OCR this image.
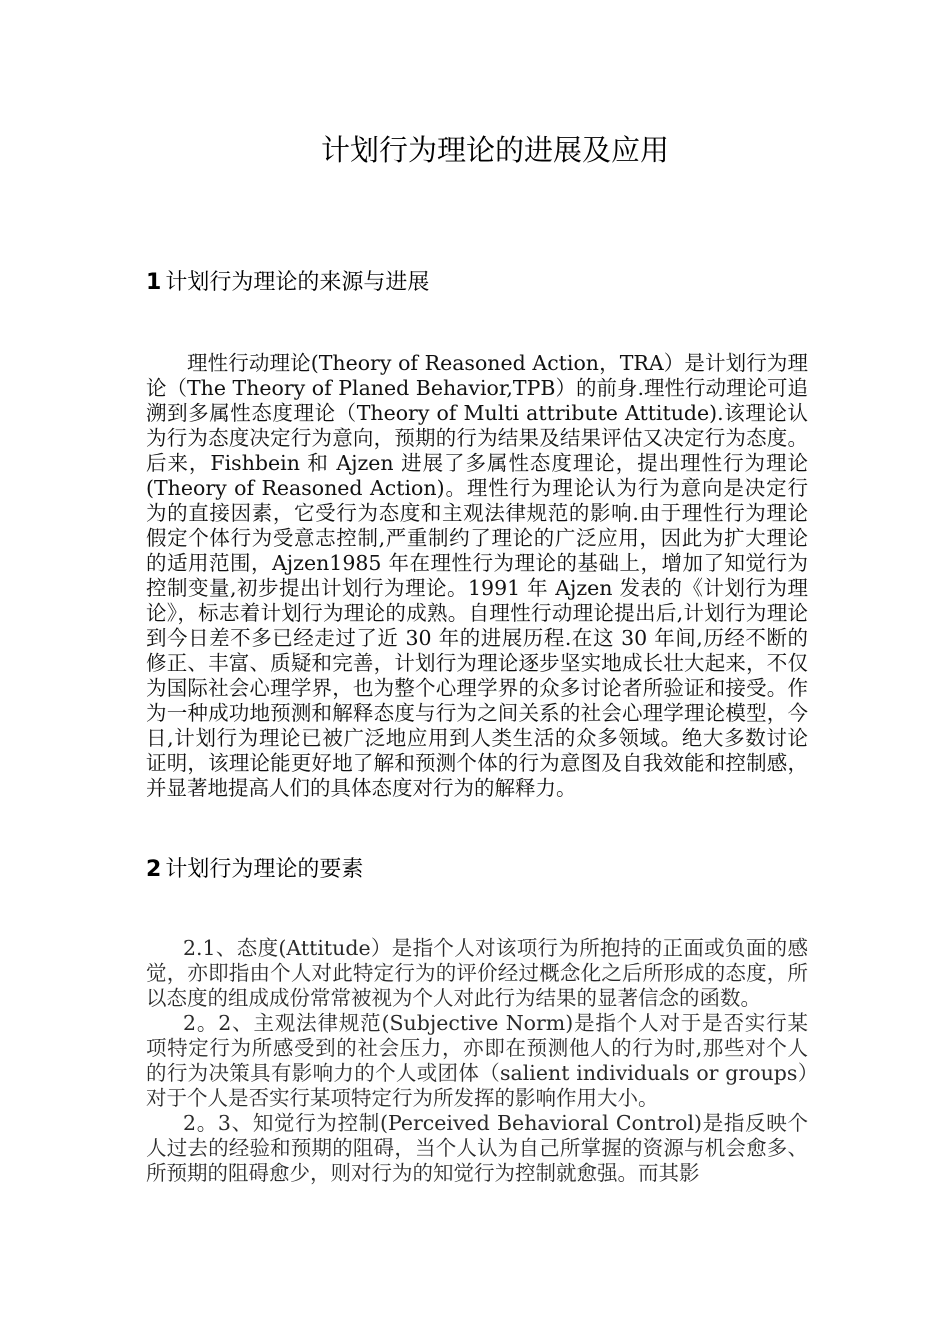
计划行为理论的进展及应用
1 计划行为理论的来源与进展

理性行动理论(Theory of Reasoned Action，TRA）是计划行为理论（The Theory of Planed Behavior,TPB）的前身.理性行动理论可追溯到多属性态度理论（Theory of Multi attribute Attitude).该理论认为行为态度决定行为意向，预期的行为结果及结果评估又决定行为态度。后来，Fishbein 和 Ajzen 进展了多属性态度理论，提出理性行为理论(Theory of Reasoned Action)。理性行为理论认为行为意向是决定行为的直接因素，它受行为态度和主观法律规范的影响.由于理性行为理论假定个体行为受意志控制,严重制约了理论的广泛应用，因此为扩大理论的适用范围，Ajzen1985 年在理性行为理论的基础上，增加了知觉行为控制变量,初步提出计划行为理论。1991 年 Ajzen 发表的《计划行为理论》，标志着计划行为理论的成熟。自理性行动理论提出后,计划行为理论到今日差不多已经走过了近 30 年的进展历程.在这 30 年间,历经不断的修正、丰富、质疑和完善，计划行为理论逐步坚实地成长壮大起来，不仅为国际社会心理学界，也为整个心理学界的众多讨论者所验证和接受。作为一种成功地预测和解释态度与行为之间关系的社会心理学理论模型，今日,计划行为理论已被广泛地应用到人类生活的众多领域。绝大多数讨论证明，该理论能更好地了解和预测个体的行为意图及自我效能和控制感，并显著地提高人们的具体态度对行为的解释力。

2 计划行为理论的要素

2.1、态度(Attitude）是指个人对该项行为所抱持的正面或负面的感觉，亦即指由个人对此特定行为的评价经过概念化之后所形成的态度，所以态度的组成成份常常被视为个人对此行为结果的显著信念的函数。

2。2、主观法律规范(Subjective Norm)是指个人对于是否实行某项特定行为所感受到的社会压力，亦即在预测他人的行为时,那些对个人的行为决策具有影响力的个人或团体（salient individuals or groups）对于个人是否实行某项特定行为所发挥的影响作用大小。

2。3、知觉行为控制(Perceived Behavioral Control)是指反映个人过去的经验和预期的阻碍，当个人认为自己所掌握的资源与机会愈多、所预期的阻碍愈少，则对行为的知觉行为控制就愈强。而其影
